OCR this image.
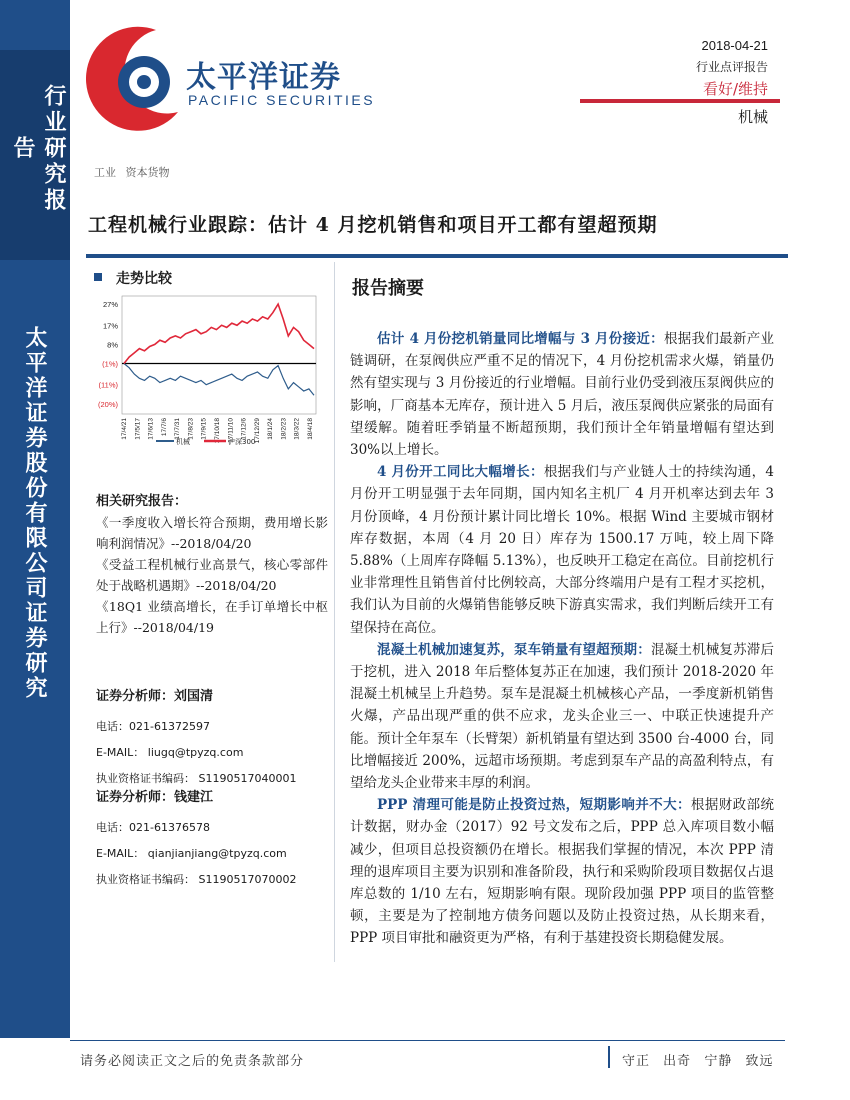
行业研究报告
太平洋证券股份有限公司证券研究
太平洋证券
PACIFIC SECURITIES
2018-04-21
行业点评报告
看好/维持
机械
工业 资本货物
工程机械行业跟踪：估计 4 月挖机销售和项目开工都有望超预期
走势比较
27%
17%
8%
(1%)
(11%)
(20%)
17/4/21 17/5/17 17/6/13 17/7/6 17/7/31 17/8/23 17/9/15 17/10/18 17/11/10 17/12/6 17/12/29 18/1/24 18/2/23 18/3/22 18/4/18
机械	沪深300
相关研究报告：

《一季度收入增长符合预期，费用增长影响利润情况》--2018/04/20

《受益工程机械行业高景气，核心零部件处于战略机遇期》--2018/04/20

《18Q1 业绩高增长，在手订单增长中枢上行》--2018/04/19

证券分析师：刘国清
电话：021-61372597
E-MAIL： liugq@tpyzq.com
执业资格证书编码： S1190517040001
证券分析师：钱建江
电话：021-61376578
E-MAIL： qianjianjiang@tpyzq.com
执业资格证书编码： S1190517070002
报告摘要

估计 4 月份挖机销量同比增幅与 3 月份接近：根据我们最新产业链调研，在泵阀供应严重不足的情况下，4 月份挖机需求火爆，销量仍然有望实现与 3 月份接近的行业增幅。目前行业仍受到液压泵阀供应的影响，厂商基本无库存，预计进入 5 月后，液压泵阀供应紧张的局面有望缓解。随着旺季销量不断超预期，我们预计全年销量增幅有望达到 30%以上增长。

4 月份开工同比大幅增长：根据我们与产业链人士的持续沟通，4 月份开工明显强于去年同期，国内知名主机厂 4 月开机率达到去年 3 月份顶峰，4 月份预计累计同比增长 10%。根据 Wind 主要城市钢材库存数据，本周（4 月 20 日）库存为 1500.17 万吨，较上周下降 5.88%（上周库存降幅 5.13%），也反映开工稳定在高位。目前挖机行业非常理性且销售首付比例较高，大部分终端用户是有工程才买挖机，我们认为目前的火爆销售能够反映下游真实需求，我们判断后续开工有望保持在高位。

混凝土机械加速复苏，泵车销量有望超预期：混凝土机械复苏滞后于挖机，进入 2018 年后整体复苏正在加速，我们预计 2018-2020 年混凝土机械呈上升趋势。泵车是混凝土机械核心产品，一季度新机销售火爆，产品出现严重的供不应求，龙头企业三一、中联正快速提升产能。预计全年泵车（长臂架）新机销量有望达到 3500 台-4000 台，同比增幅接近 200%，远超市场预期。考虑到泵车产品的高盈利特点，有望给龙头企业带来丰厚的利润。

PPP 清理可能是防止投资过热，短期影响并不大：根据财政部统计数据，财办金（2017）92 号文发布之后，PPP 总入库项目数小幅减少，但项目总投资额仍在增长。根据我们掌握的情况，本次 PPP 清理的退库项目主要为识别和准备阶段，执行和采购阶段项目数据仅占退库总数的 1/10 左右，短期影响有限。现阶段加强 PPP 项目的监管整顿，主要是为了控制地方债务问题以及防止投资过热，从长期来看，PPP 项目审批和融资更为严格，有利于基建投资长期稳健发展。

请务必阅读正文之后的免责条款部分	守正 出奇 宁静 致远
